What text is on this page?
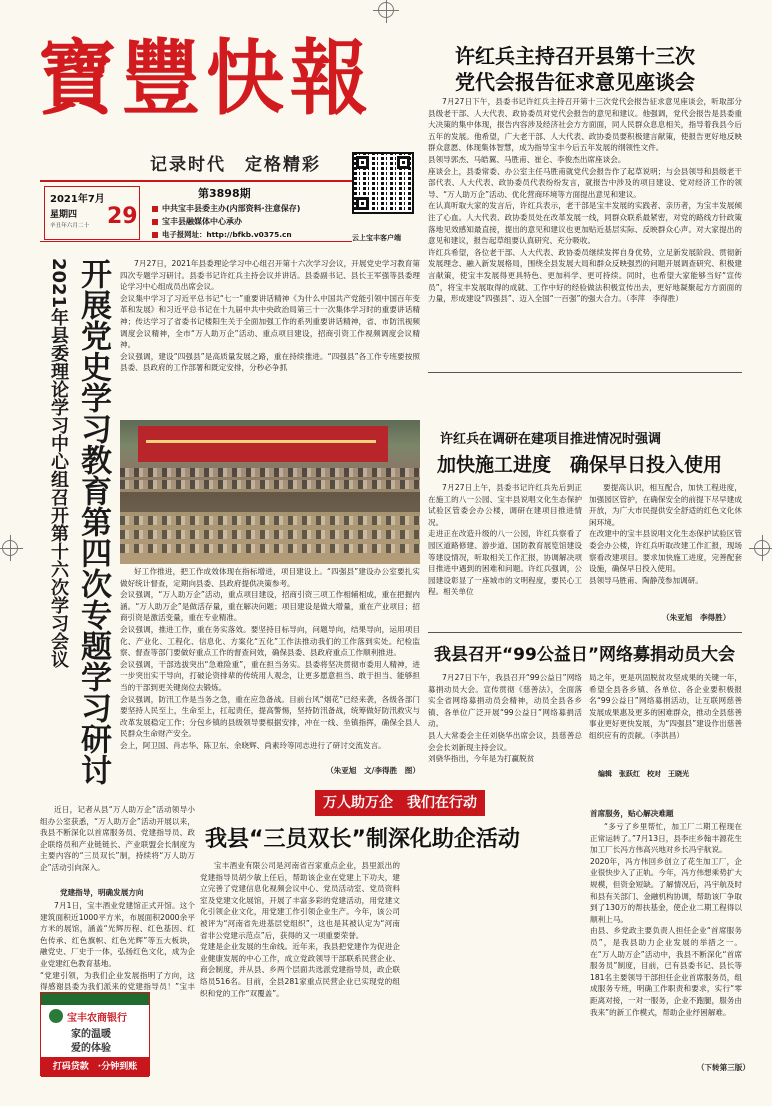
寶豐快報
记录时代　定格精彩
第3898期
2021年7月
星期四
辛丑年六月二十 29	中共宝丰县委主办(内部资料·注意保存)
宝丰县融媒体中心承办
电子报网址：http://bfkb.v0375.cn	云上宝丰客户端
许红兵主持召开县第十三次
党代会报告征求意见座谈会
7月27日下午，县委书记许红兵主持召开第十三次党代会报告征求意见座谈会，听取部分县级老干部、人大代表、政协委员对党代会报告的意见和建议。他强调，党代会报告是县委重大决策的集中体现，报告内容涉及经济社会方方面面，同人民群众息息相关，指导着我县今后五年的发展。他希望，广大老干部、人大代表、政协委员要积极建言献策，使报告更好地反映群众意愿、体现集体智慧，成为指导宝丰今后五年发展的纲领性文件。
县领导郭杰、马皓翼、马胜甫、崔仑、李俊杰出席座谈会。
座谈会上，县委常委、办公室主任马胜甫就党代会报告作了起草说明；与会县领导和县级老干部代表、人大代表、政协委员代表纷纷发言，就报告中涉及的项目建设、党对经济工作的领导、“万人助万企”活动、优化营商环境等方面提出意见和建议。
在认真听取大家的发言后，许红兵表示，老干部是宝丰发展的实践者、亲历者，为宝丰发展倾注了心血。人大代表、政协委员处在改革发展一线，同群众联系最紧密，对党的路线方针政策落地见效感知最直接，提出的意见和建议也更加贴近基层实际、反映群众心声。对大家提出的意见和建议，报告起草组要认真研究、充分吸收。
许红兵希望，各位老干部、人大代表、政协委员继续发挥自身优势，立足新发展阶段、贯彻新发展理念、融入新发展格局，围绕全县发展大局和群众反映强烈的问题开展调查研究、积极建言献策，使宝丰发展得更具特色、更加科学、更可持续。同时，也希望大家能够当好“宣传员”，将宝丰发展取得的成就、工作中好的经验做法积极宣传出去，更好地凝聚起方方面面的力量，形成建设“四强县”、迈入全国“一百强”的强大合力。（李萍　李得胜）
许红兵在调研在建项目推进情况时强调
加快施工进度　确保早日投入使用
7月27日上午，县委书记许红兵先后到正在施工的八一公园、宝丰县说唱文化生态保护试验区管委会办公楼，调研在建项目推进情况。
走进正在改造升级的八一公园，许红兵察看了园区道路修建、游步道、国防教育展览馆建设等建设情况，听取相关工作汇报，协调解决项目推进中遇到的困难和问题。许红兵强调，公园建设彰显了一座城市的文明程度，要民心工程。相关单位
要提高认识，相互配合，加快工程进度，加强园区管护，在确保安全的前提下尽早建成开放，为广大市民提供安全舒适的红色文化休闲环境。
在改建中的宝丰县说唱文化生态保护试验区管委会办公楼，许红兵听取改建工作汇报，现场察看改建项目。要求加快施工进度，完善配套设施，确保早日投入使用。
县领导马胜甫、陶静茂参加调研。
（朱亚旭　李得胜）
我县召开“99公益日”网络募捐动员大会
7月27日下午，我县召开“99公益日”网络募捐动员大会。宣传贯彻《慈善法》，全面落实全省网络募捐动员会精神，动员全县各乡镇、各单位广泛开展“99公益日”网络募捐活动。
县人大常委会主任刘骁华出席会议，县慈善总会会长刘新现主持会议。
刘骁华指出，今年是为打赢脱贫
局之年，更是巩固脱贫攻坚成果的关键一年，希望全县各乡镇、各单位、各企业要积极报名“99公益日”网络募捐活动，让互联网慈善发展成果惠及更多的困难群众，推动全县慈善事业更好更快发展，为“四强县”建设作出慈善组织应有的贡献。（李洪昌）
编辑　张跃红　校对　王晓光
2021年县委理论学习中心组召开第十六次学习会议 开展党史学习教育第四次专题学习研讨	7月27日，2021年县委理论学习中心组召开第十六次学习会议，开展党史学习教育第四次专题学习研讨。县委书记许红兵主持会议并讲话。县委副书记、县长王军强等县委理论学习中心组成员出席会议。
会议集中学习了习近平总书记“七一”重要讲话精神《为什么中国共产党能引领中国百年变革和发展》和习近平总书记在十九届中共中央政治局第三十一次集体学习时的重要讲话精神；传达学习了省委书记楼阳生关于全面加强工作的系列重要讲话精神，省、市防汛视频调度会议精神，全市“万人助万企”活动、重点项目建设，招商引资工作视频调度会议精神。
会议强调，建设“四强县”是高质量发展之路，重在持续推进。“四强县”各工作专班要按照县委、县政府的工作部署和既定安排，分秒必争抓
好工作推进，把工作成效体现在指标增进，项目建设上。“四强县”建设办公室要扎实做好统计督查，定期向县委、县政府提供决策参考。
会议强调，“万人助万企”活动，重点项目建设，招商引资三项工作相辅相成，重在把握内涵。“万人助万企”是做活存量，重在解决问题；项目建设是做大增量，重在产业项目；招商引资是激活变量，重在专业精准。
会议强调，推进工作，重在务实落效。要坚持目标导向，问题导向，结果导向，运用项目化、产业化、工程化、信息化、方案化“五化”工作法推动我们的工作落到实处。纪检监察、督查等部门要做好重点工作的督查问效，确保县委、县政府重点工作顺利推进。
会议强调，干部选拔突出“急难险重”，重在担当务实。县委将坚决贯彻市委用人精神，进一步突出实干导向，打破论资排辈的传统用人观念，让更多愿意担当、敢于担当、能够担当的干部到更关键岗位去锻炼。
会议强调，防汛工作是当务之急，重在应急备战。目前台风“烟花”已经来袭，各级各部门要坚持人民至上，生命至上，扛起责任，提高警惕，坚持防汛备战，统筹做好防汛救灾与改革发展稳定工作；分包乡镇的县级领导要根据安排，冲在一线、坐镇指挥，确保全县人民群众生命财产安全。
会上，阿卫国、肖志华、陈卫东、余晓辉、尚素玲等同志进行了研讨交流发言。
（朱亚旭　文/李得胜　图）
万人助万企　我们在行动
我县“三员双长”制深化助企活动
近日，记者从县“万人助万企”活动领导小组办公室获悉，“万人助万企”活动开展以来，我县不断深化以首席服务员、党建指导员、政企联络员和产业链链长、产业联盟会长制度为主要内容的“三员双长”制，持续将“万人助万企”活动引向深入。
党建指导，明确发展方向
7月1日，宝丰酒业党建馆正式开馆。这个建筑面积近1000平方米，布展面积2000余平方米的展馆，涵盖“光辉历程、红色基因、红色传承、红色旗帜、红色光辉”等五大板块，融党史、厂史于一体，弘扬红色文化，成为企业党建红色教育基地。
“党建引领，为我们企业发展指明了方向，这得感谢县委为我们派来的党建指导员！”宝丰
宝丰酒业有限公司是河南省百家重点企业，县里派出的党建指导员胡少敏上任后，帮助该企业在党建上下功夫，建立完善了党建信息化视频会议中心、党员活动室、党员资料室及党建文化展馆，开展了丰富多彩的党建活动，用党建文化引领企业文化，用党建工作引领企业生产。今年，该公司被评为“河南省先进基层党组织”，这也是其被认定为“河南省非公党建示范点”后，获得的又一项重要荣誉。
党建是企业发展的生命线。近年来，我县把党建作为促进企业健康发展的中心工作，成立党政领导干部联系民营企业、商会制度，并从县、乡两个层面共选派党建指导员，政企联络员516名。目前，全县281家重点民营企业已实现党的组织和党的工作“双覆盖”。
首席服务，贴心解决难题
“多亏了乡里帮忙，加工厂二期工程现在正常运转了。”7月13日，县李庄乡翰丰源花生加工厂长冯方伟高兴地对乡长冯宇航说。
2020年，冯方伟回乡创立了花生加工厂，企业很快步入了正轨。今年，冯方伟想乘势扩大规模，但资金短缺。了解情况后，冯宇航及时和县有关部门、金融机构协调，帮助该厂争取到了130万的帮扶基金，使企业二期工程得以顺利上马。
由县、乡党政主要负责人担任企业“首席服务员”，是我县助力企业发展的举措之一。在“万人助万企”活动中，我县不断深化“首席服务员”制度，目前，已有县委书记、县长等181名主要领导干部担任企业首席服务员，组成服务专班，明确工作职责和要求，实行“零距离对接，一对一服务，企业不跑腿，服务由我来”的新工作模式，帮助企业纾困解难。
（下转第三版）
宝丰农商银行
家的温暖
爱的体验
打码贷款　·分钟到账
